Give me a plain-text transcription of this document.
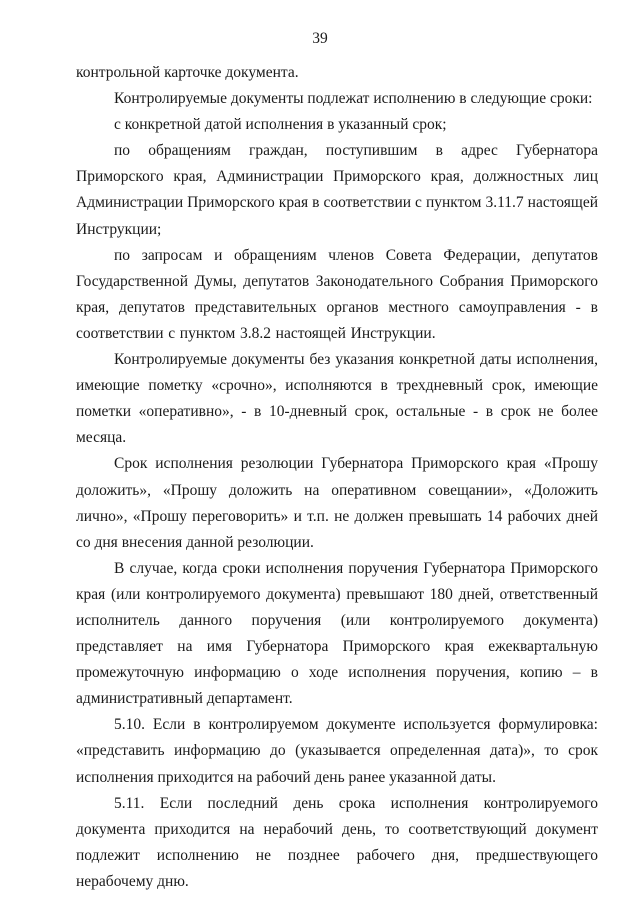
39

контрольной карточке документа.

Контролируемые документы подлежат исполнению в следующие сроки:

с конкретной датой исполнения в указанный срок;

по обращениям граждан, поступившим в адрес Губернатора Приморского края, Администрации Приморского края, должностных лиц Администрации Приморского края в соответствии с пунктом 3.11.7 настоящей Инструкции;

по запросам и обращениям членов Совета Федерации, депутатов Государственной Думы, депутатов Законодательного Собрания Приморского края, депутатов представительных органов местного самоуправления - в соответствии с пунктом 3.8.2 настоящей Инструкции.

Контролируемые документы без указания конкретной даты исполнения, имеющие пометку «срочно», исполняются в трехдневный срок, имеющие пометки «оперативно», - в 10-дневный срок, остальные - в срок не более месяца.

Срок исполнения резолюции Губернатора Приморского края «Прошу доложить», «Прошу доложить на оперативном совещании», «Доложить лично», «Прошу переговорить» и т.п. не должен превышать 14 рабочих дней со дня внесения данной резолюции.

В случае, когда сроки исполнения поручения Губернатора Приморского края (или контролируемого документа) превышают 180 дней, ответственный исполнитель данного поручения (или контролируемого документа) представляет на имя Губернатора Приморского края ежеквартальную промежуточную информацию о ходе исполнения поручения, копию – в административный департамент.

5.10. Если в контролируемом документе используется формулировка: «представить информацию до (указывается определенная дата)», то срок исполнения приходится на рабочий день ранее указанной даты.

5.11. Если последний день срока исполнения контролируемого документа приходится на нерабочий день, то соответствующий документ подлежит исполнению не позднее рабочего дня, предшествующего нерабочему дню.
